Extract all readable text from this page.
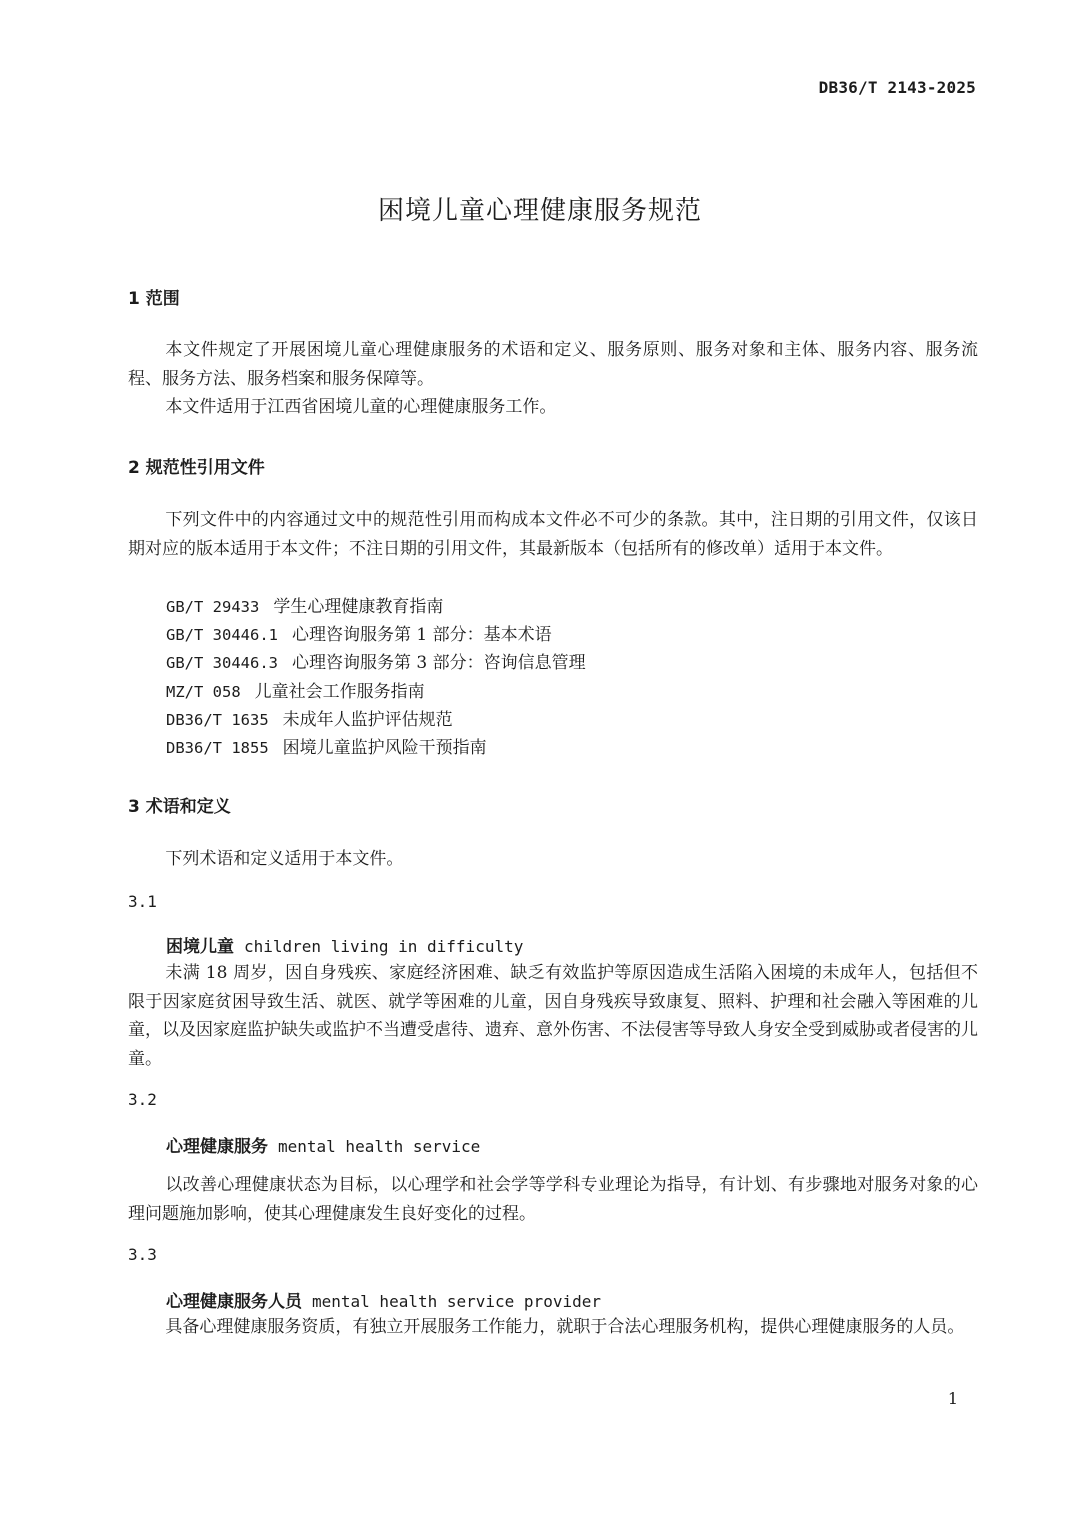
DB36/T 2143-2025
困境儿童心理健康服务规范
1 范围
本文件规定了开展困境儿童心理健康服务的术语和定义、服务原则、服务对象和主体、服务内容、服务流程、服务方法、服务档案和服务保障等。
本文件适用于江西省困境儿童的心理健康服务工作。
2 规范性引用文件
下列文件中的内容通过文中的规范性引用而构成本文件必不可少的条款。其中，注日期的引用文件，仅该日期对应的版本适用于本文件；不注日期的引用文件，其最新版本（包括所有的修改单）适用于本文件。
GB/T 29433 学生心理健康教育指南
GB/T 30446.1 心理咨询服务第 1 部分：基本术语
GB/T 30446.3 心理咨询服务第 3 部分：咨询信息管理
MZ/T 058 儿童社会工作服务指南
DB36/T 1635 未成年人监护评估规范
DB36/T 1855 困境儿童监护风险干预指南
3 术语和定义
下列术语和定义适用于本文件。
3.1
困境儿童 children living in difficulty
未满 18 周岁，因自身残疾、家庭经济困难、缺乏有效监护等原因造成生活陷入困境的未成年人，包括但不限于因家庭贫困导致生活、就医、就学等困难的儿童，因自身残疾导致康复、照料、护理和社会融入等困难的儿童，以及因家庭监护缺失或监护不当遭受虐待、遗弃、意外伤害、不法侵害等导致人身安全受到威胁或者侵害的儿童。
3.2
心理健康服务 mental health service
以改善心理健康状态为目标，以心理学和社会学等学科专业理论为指导，有计划、有步骤地对服务对象的心理问题施加影响，使其心理健康发生良好变化的过程。
3.3
心理健康服务人员 mental health service provider
具备心理健康服务资质，有独立开展服务工作能力，就职于合法心理服务机构，提供心理健康服务的人员。
1
